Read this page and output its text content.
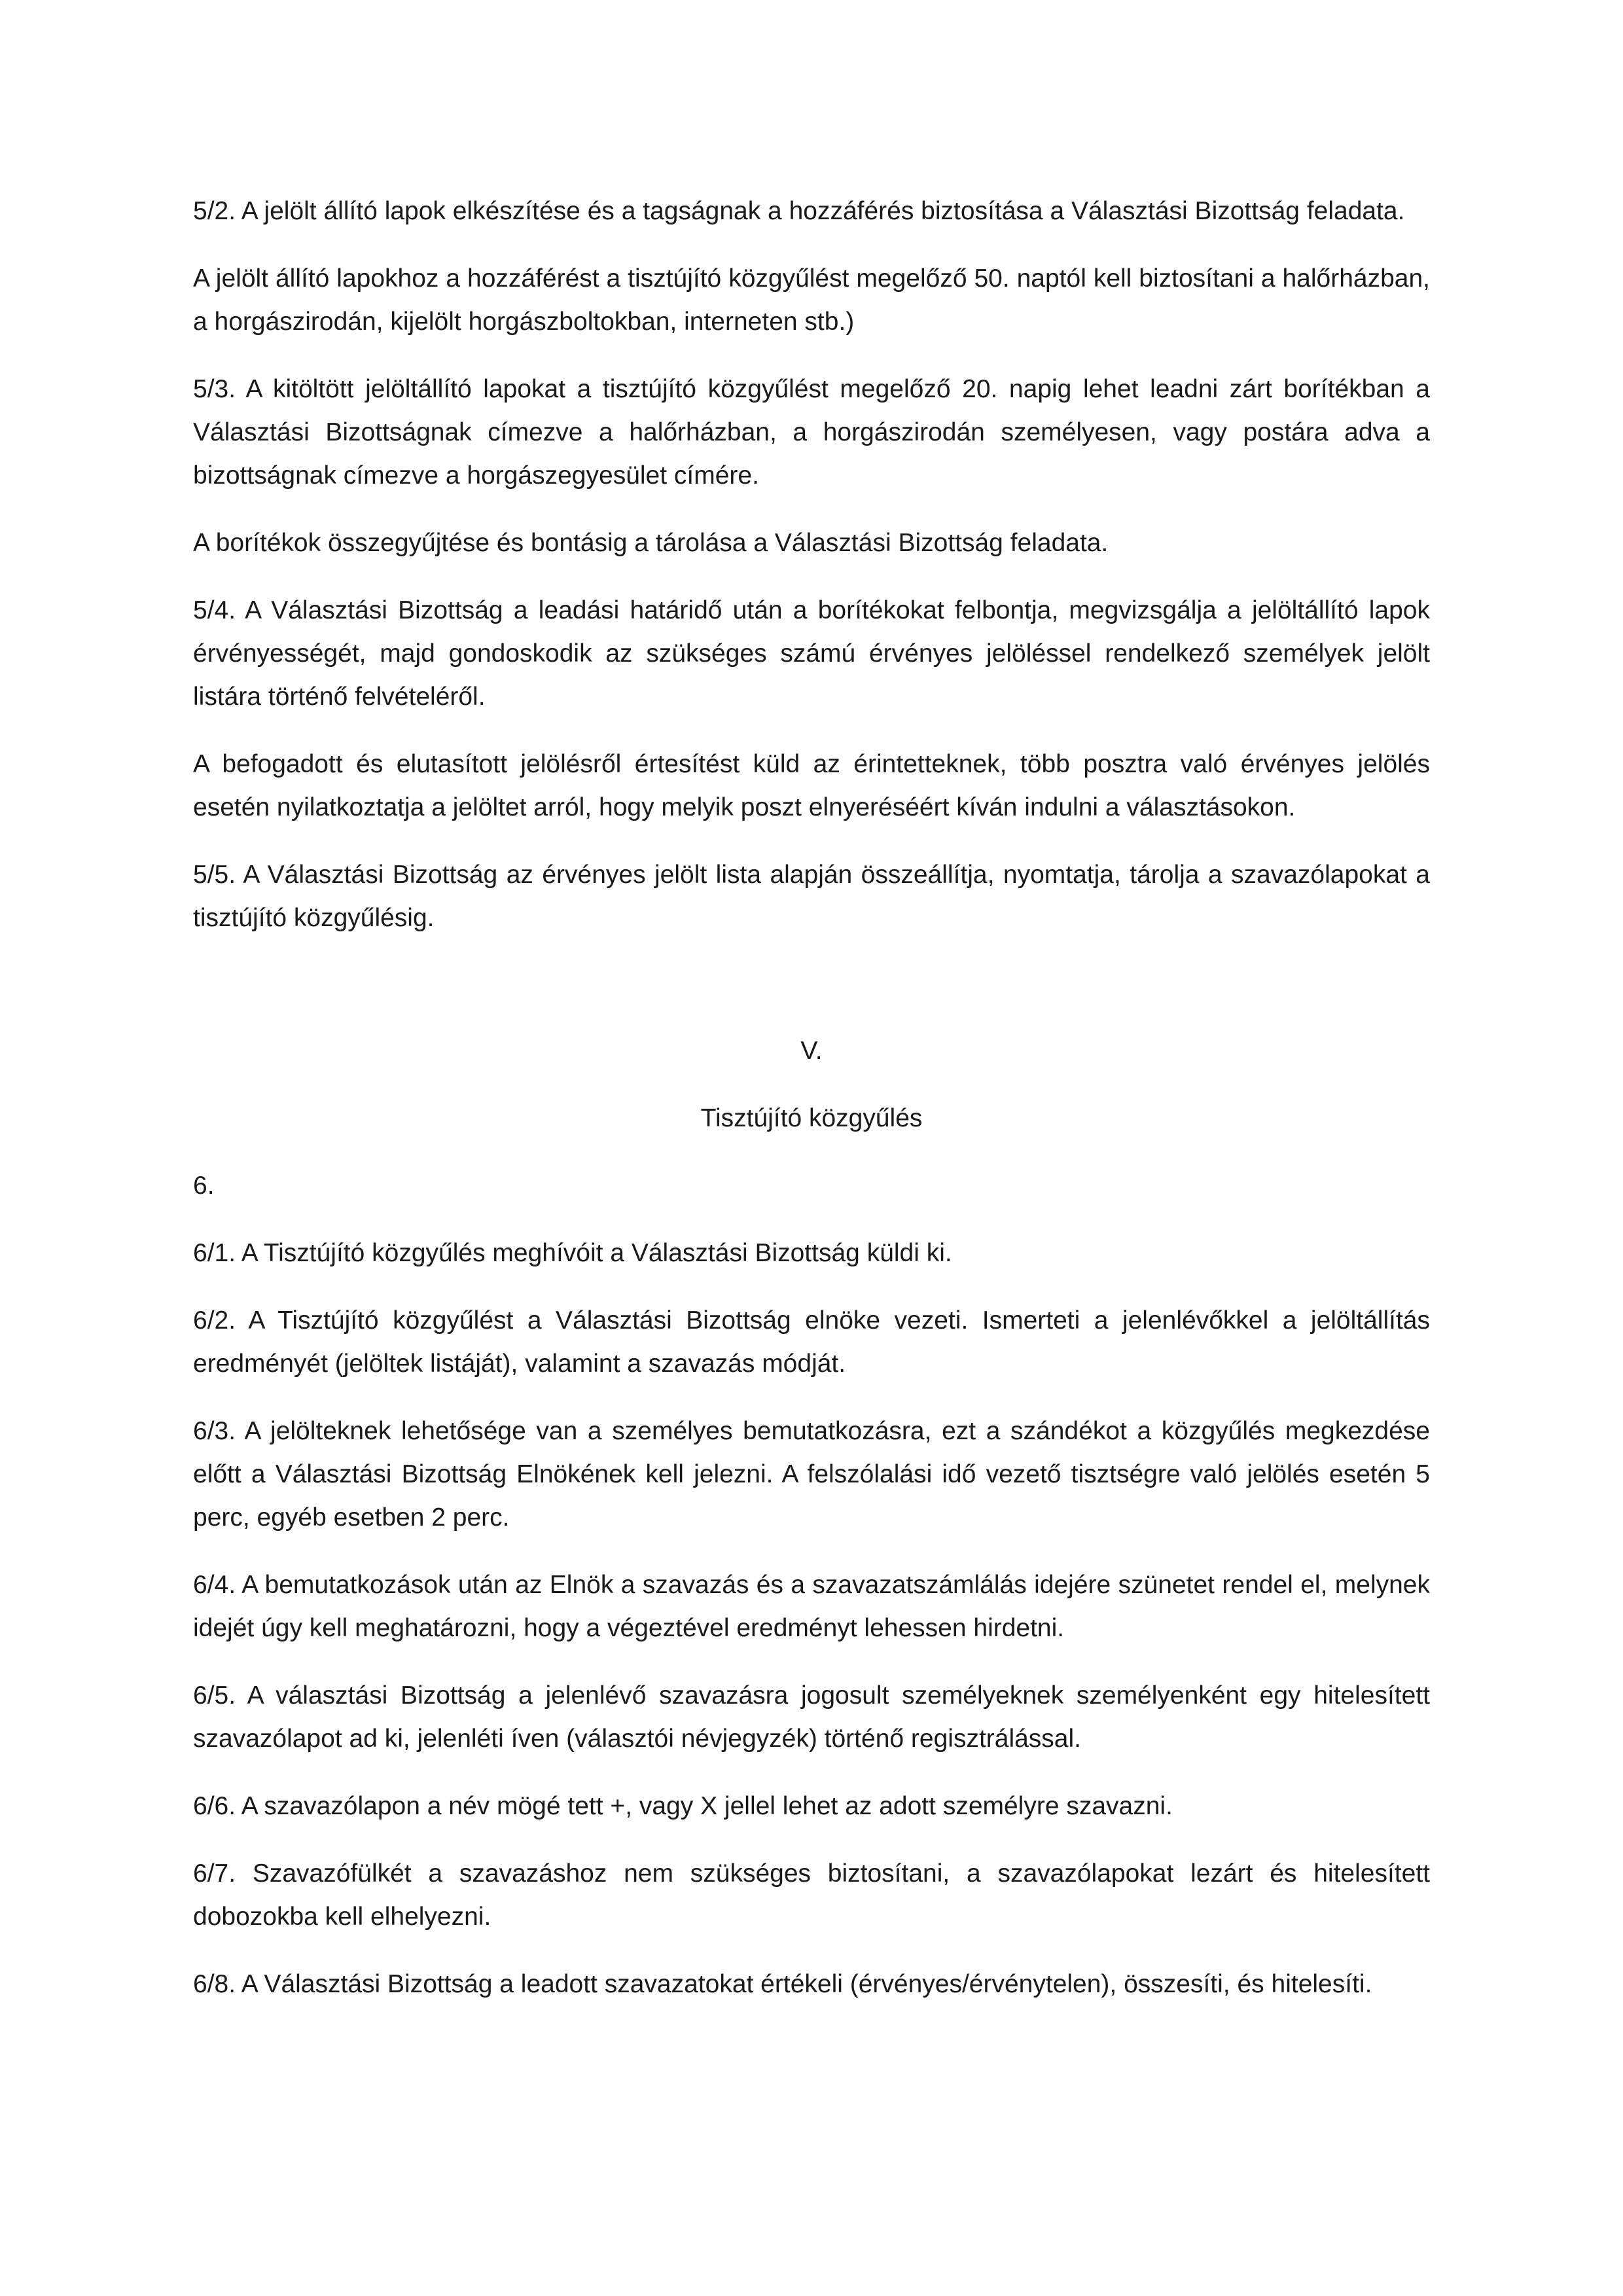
5/2. A jelölt állító lapok elkészítése és a tagságnak a hozzáférés biztosítása a Választási Bizottság feladata.

A jelölt állító lapokhoz a hozzáférést a tisztújító közgyűlést megelőző 50. naptól kell biztosítani a halőrházban, a horgászirodán, kijelölt horgászboltokban, interneten stb.)

5/3. A kitöltött jelöltállító lapokat a tisztújító közgyűlést megelőző 20. napig lehet leadni zárt borítékban a Választási Bizottságnak címezve a halőrházban, a horgászirodán személyesen, vagy postára adva a bizottságnak címezve a horgászegyesület címére.

A borítékok összegyűjtése és bontásig a tárolása a Választási Bizottság feladata.

5/4. A Választási Bizottság a leadási határidő után a borítékokat felbontja, megvizsgálja a jelöltállító lapok érvényességét, majd gondoskodik az szükséges számú érvényes jelöléssel rendelkező személyek jelölt listára történő felvételéről.

A befogadott és elutasított jelölésről értesítést küld az érintetteknek, több posztra való érvényes jelölés esetén nyilatkoztatja a jelöltet arról, hogy melyik poszt elnyeréséért kíván indulni a választásokon.

5/5. A Választási Bizottság az érvényes jelölt lista alapján összeállítja, nyomtatja, tárolja a szavazólapokat a tisztújító közgyűlésig.

V.

Tisztújító közgyűlés

6.

6/1. A Tisztújító közgyűlés meghívóit a Választási Bizottság küldi ki.

6/2. A Tisztújító közgyűlést a Választási Bizottság elnöke vezeti. Ismerteti a jelenlévőkkel a jelöltállítás eredményét (jelöltek listáját), valamint a szavazás módját.

6/3. A jelölteknek lehetősége van a személyes bemutatkozásra, ezt a szándékot a közgyűlés megkezdése előtt a Választási Bizottság Elnökének kell jelezni. A felszólalási idő vezető tisztségre való jelölés esetén 5 perc, egyéb esetben 2 perc.

6/4. A bemutatkozások után az Elnök a szavazás és a szavazatszámlálás idejére szünetet rendel el, melynek idejét úgy kell meghatározni, hogy a végeztével eredményt lehessen hirdetni.

6/5. A választási Bizottság a jelenlévő szavazásra jogosult személyeknek személyenként egy hitelesített szavazólapot ad ki, jelenléti íven (választói névjegyzék) történő regisztrálással.

6/6. A szavazólapon a név mögé tett +, vagy X jellel lehet az adott személyre szavazni.

6/7. Szavazófülkét a szavazáshoz nem szükséges biztosítani, a szavazólapokat lezárt és hitelesített dobozokba kell elhelyezni.

6/8. A Választási Bizottság a leadott szavazatokat értékeli (érvényes/érvénytelen), összesíti, és hitelesíti.
